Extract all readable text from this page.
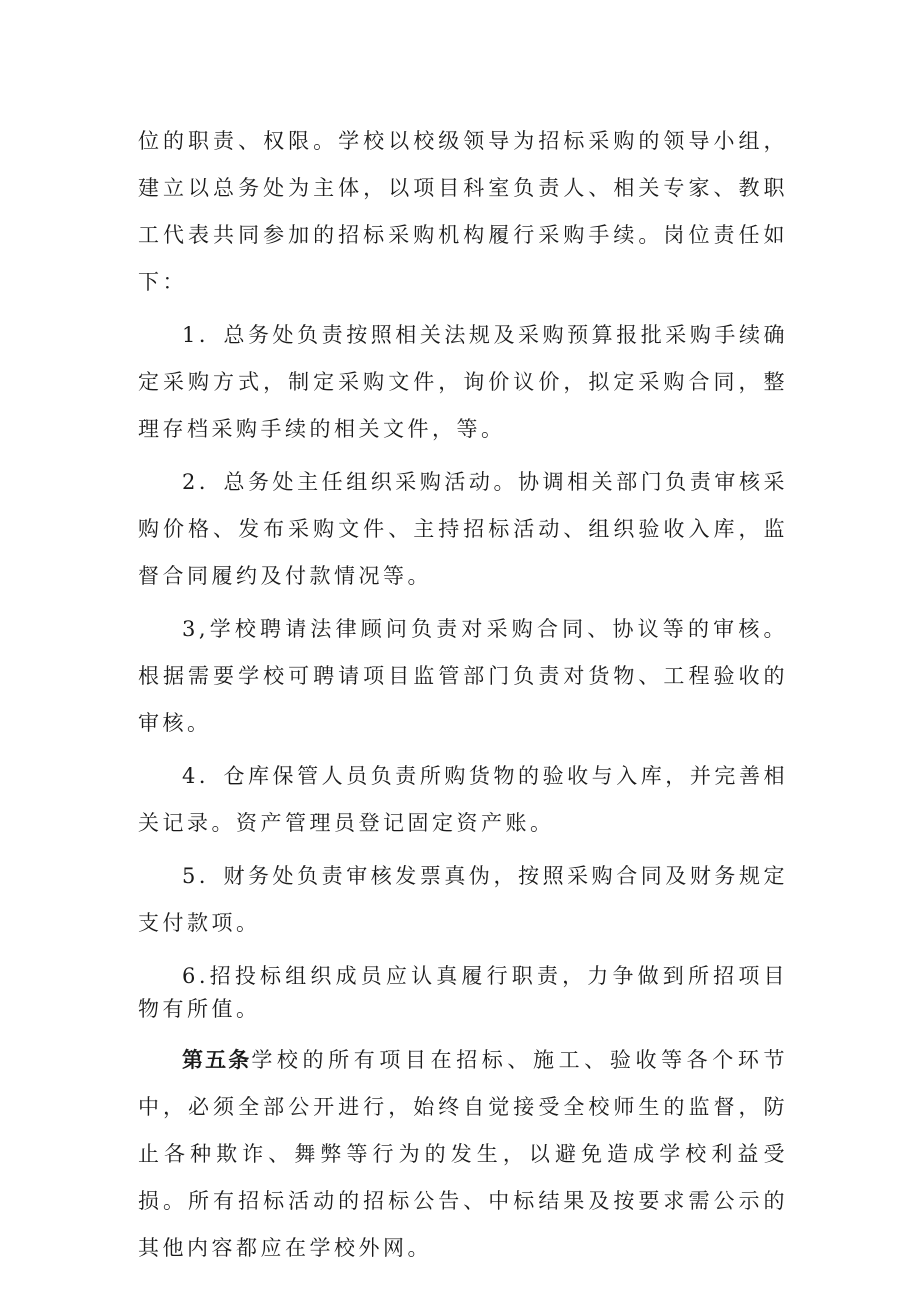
位的职责、权限。学校以校级领导为招标采购的领导小组，建立以总务处为主体，以项目科室负责人、相关专家、教职工代表共同参加的招标采购机构履行采购手续。岗位责任如下：

1．总务处负责按照相关法规及采购预算报批采购手续确定采购方式，制定采购文件，询价议价，拟定采购合同，整理存档采购手续的相关文件，等。

2．总务处主任组织采购活动。协调相关部门负责审核采购价格、发布采购文件、主持招标活动、组织验收入库，监督合同履约及付款情况等。

3,学校聘请法律顾问负责对采购合同、协议等的审核。根据需要学校可聘请项目监管部门负责对货物、工程验收的审核。

4．仓库保管人员负责所购货物的验收与入库，并完善相关记录。资产管理员登记固定资产账。

5．财务处负责审核发票真伪，按照采购合同及财务规定支付款项。

6.招投标组织成员应认真履行职责，力争做到所招项目物有所值。

第五条学校的所有项目在招标、施工、验收等各个环节中，必须全部公开进行，始终自觉接受全校师生的监督，防止各种欺诈、舞弊等行为的发生，以避免造成学校利益受损。所有招标活动的招标公告、中标结果及按要求需公示的其他内容都应在学校外网。
